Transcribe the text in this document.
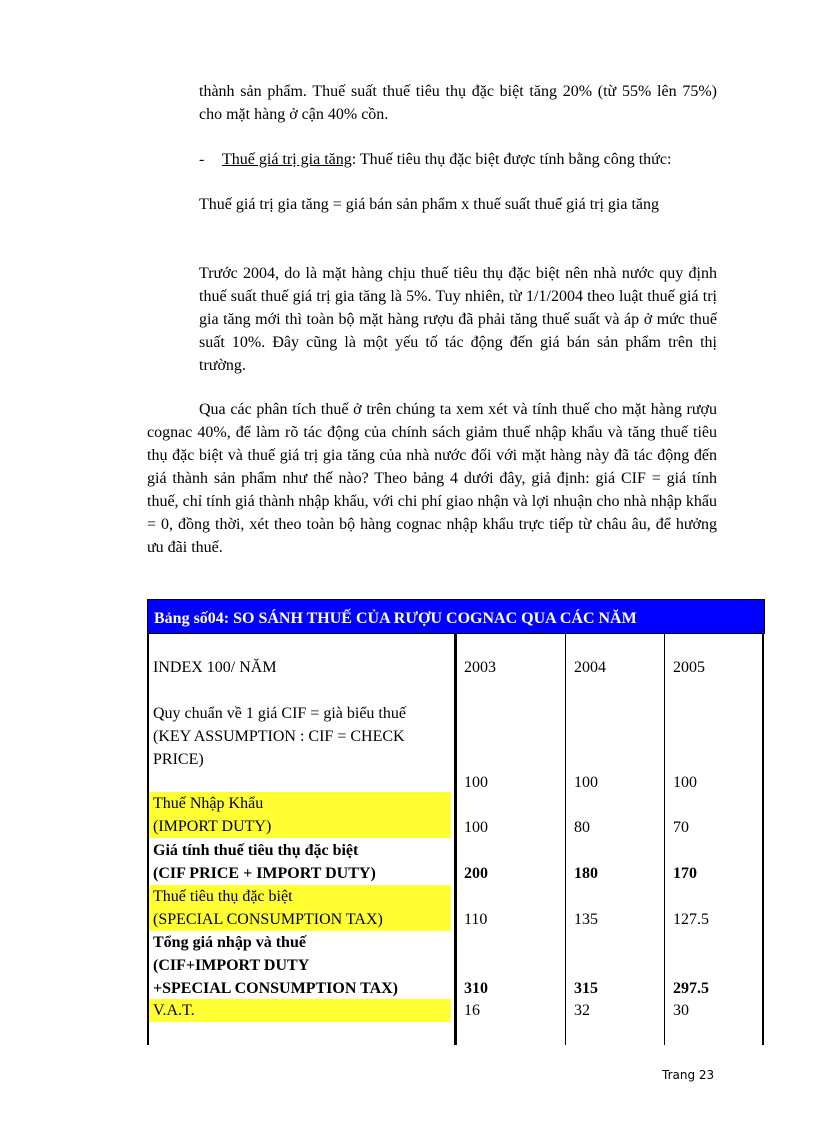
thành sản phẩm. Thuế suất thuế tiêu thụ đặc biệt tăng 20% (từ 55% lên 75%) cho mặt hàng ở cận 40% cồn.

- Thuế giá trị gia tăng: Thuế tiêu thụ đặc biệt được tính bằng công thức:

Thuế giá trị gia tăng = giá bán sản phẩm x thuế suất thuế giá trị gia tăng

Trước 2004, do là mặt hàng chịu thuế tiêu thụ đặc biệt nên nhà nước quy định thuế suất thuế giá trị gia tăng là 5%. Tuy nhiên, từ 1/1/2004 theo luật thuế giá trị gia tăng mới thì toàn bộ mặt hàng rượu đã phải tăng thuế suất và áp ở mức thuế suất 10%. Đây cũng là một yếu tố tác động đến giá bán sản phẩm trên thị trường.

Qua các phân tích thuế ở trên chúng ta xem xét và tính thuế cho mặt hàng rượu cognac 40%, để làm rõ tác động của chính sách giảm thuế nhập khẩu và tăng thuế tiêu thụ đặc biệt và thuế giá trị gia tăng của nhà nước đối với mặt hàng này đã tác động đến giá thành sản phẩm như thế nào? Theo bảng 4 dưới đây, giả định: giá CIF = giá tính thuế, chỉ tính giá thành nhập khẩu, với chi phí giao nhận và lợi nhuận cho nhà nhập khẩu = 0, đồng thời, xét theo toàn bộ hàng cognac nhập khẩu trực tiếp từ châu âu, để hưởng ưu đãi thuế.

Bảng số04: SO SÁNH THUẾ CỦA RƯỢU COGNAC QUA CÁC NĂM
INDEX 100/ NĂM	2003	2004	2005
Quy chuẩn về 1 giá CIF = già biểu thuế
(KEY ASSUMPTION : CIF = CHECK
PRICE)
100	100	100
Thuế Nhập Khẩu
(IMPORT DUTY)	100	80	70
Giá tính thuế tiêu thụ đặc biệt
(CIF PRICE + IMPORT DUTY)	200	180	170
Thuế tiêu thụ đặc biệt
(SPECIAL CONSUMPTION TAX)	110	135	127.5
Tổng giá nhập và thuế
(CIF+IMPORT DUTY
+SPECIAL CONSUMPTION TAX)	310	315	297.5
V.A.T.	16	32	30
Trang 23
